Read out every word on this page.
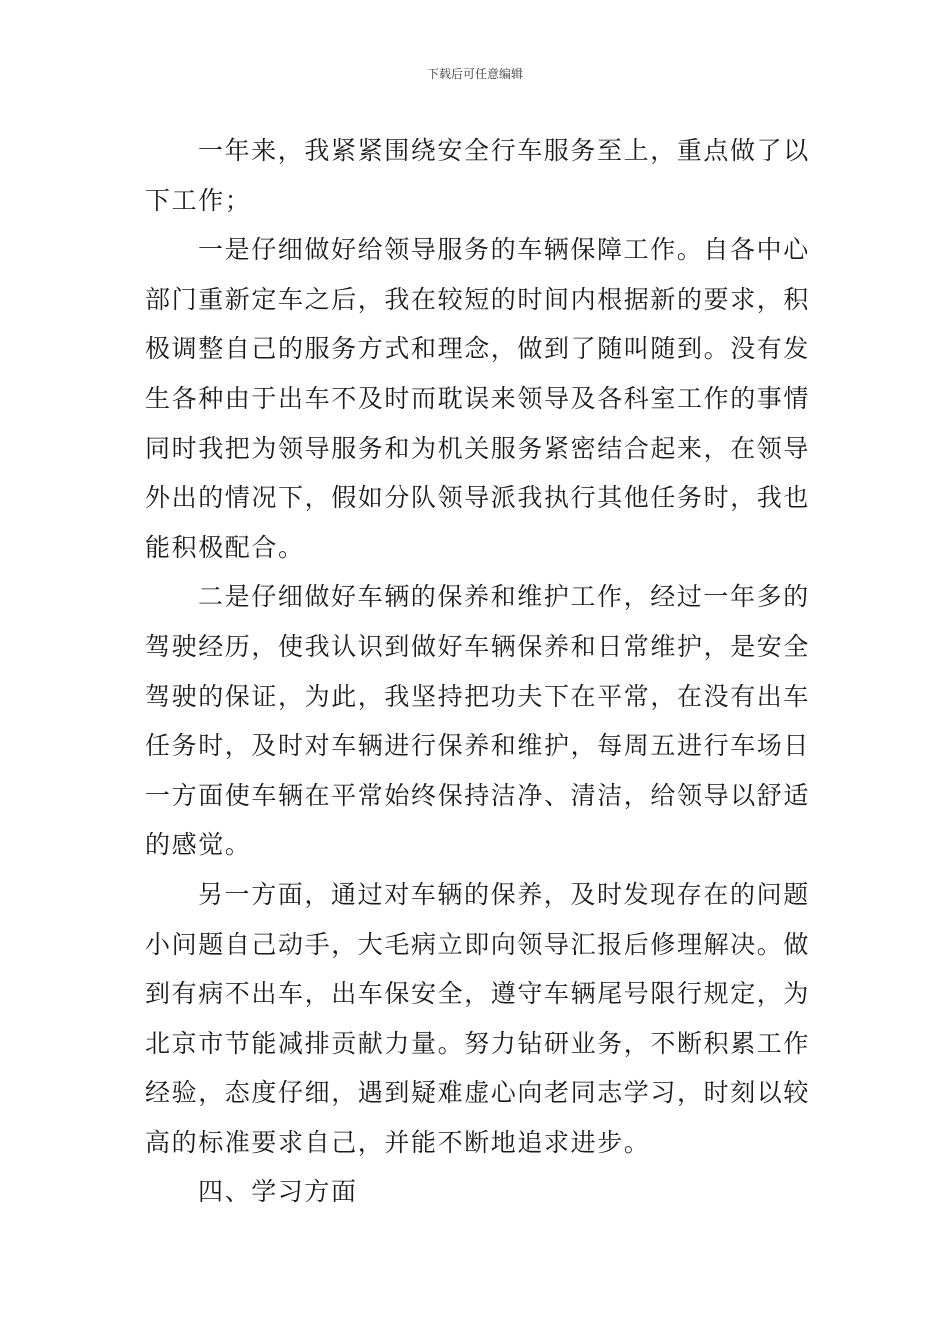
下载后可任意编辑
一年来，我紧紧围绕安全行车服务至上，重点做了以
下工作；
一是仔细做好给领导服务的车辆保障工作。自各中心
部门重新定车之后，我在较短的时间内根据新的要求，积
极调整自己的服务方式和理念，做到了随叫随到。没有发
生各种由于出车不及时而耽误来领导及各科室工作的事情
同时我把为领导服务和为机关服务紧密结合起来，在领导
外出的情况下，假如分队领导派我执行其他任务时，我也
能积极配合。
二是仔细做好车辆的保养和维护工作，经过一年多的
驾驶经历，使我认识到做好车辆保养和日常维护，是安全
驾驶的保证，为此，我坚持把功夫下在平常，在没有出车
任务时，及时对车辆进行保养和维护，每周五进行车场日
一方面使车辆在平常始终保持洁净、清洁，给领导以舒适
的感觉。
另一方面，通过对车辆的保养，及时发现存在的问题
小问题自己动手，大毛病立即向领导汇报后修理解决。做
到有病不出车，出车保安全，遵守车辆尾号限行规定，为
北京市节能减排贡献力量。努力钻研业务，不断积累工作
经验，态度仔细，遇到疑难虚心向老同志学习，时刻以较
高的标准要求自己，并能不断地追求进步。
四、学习方面
